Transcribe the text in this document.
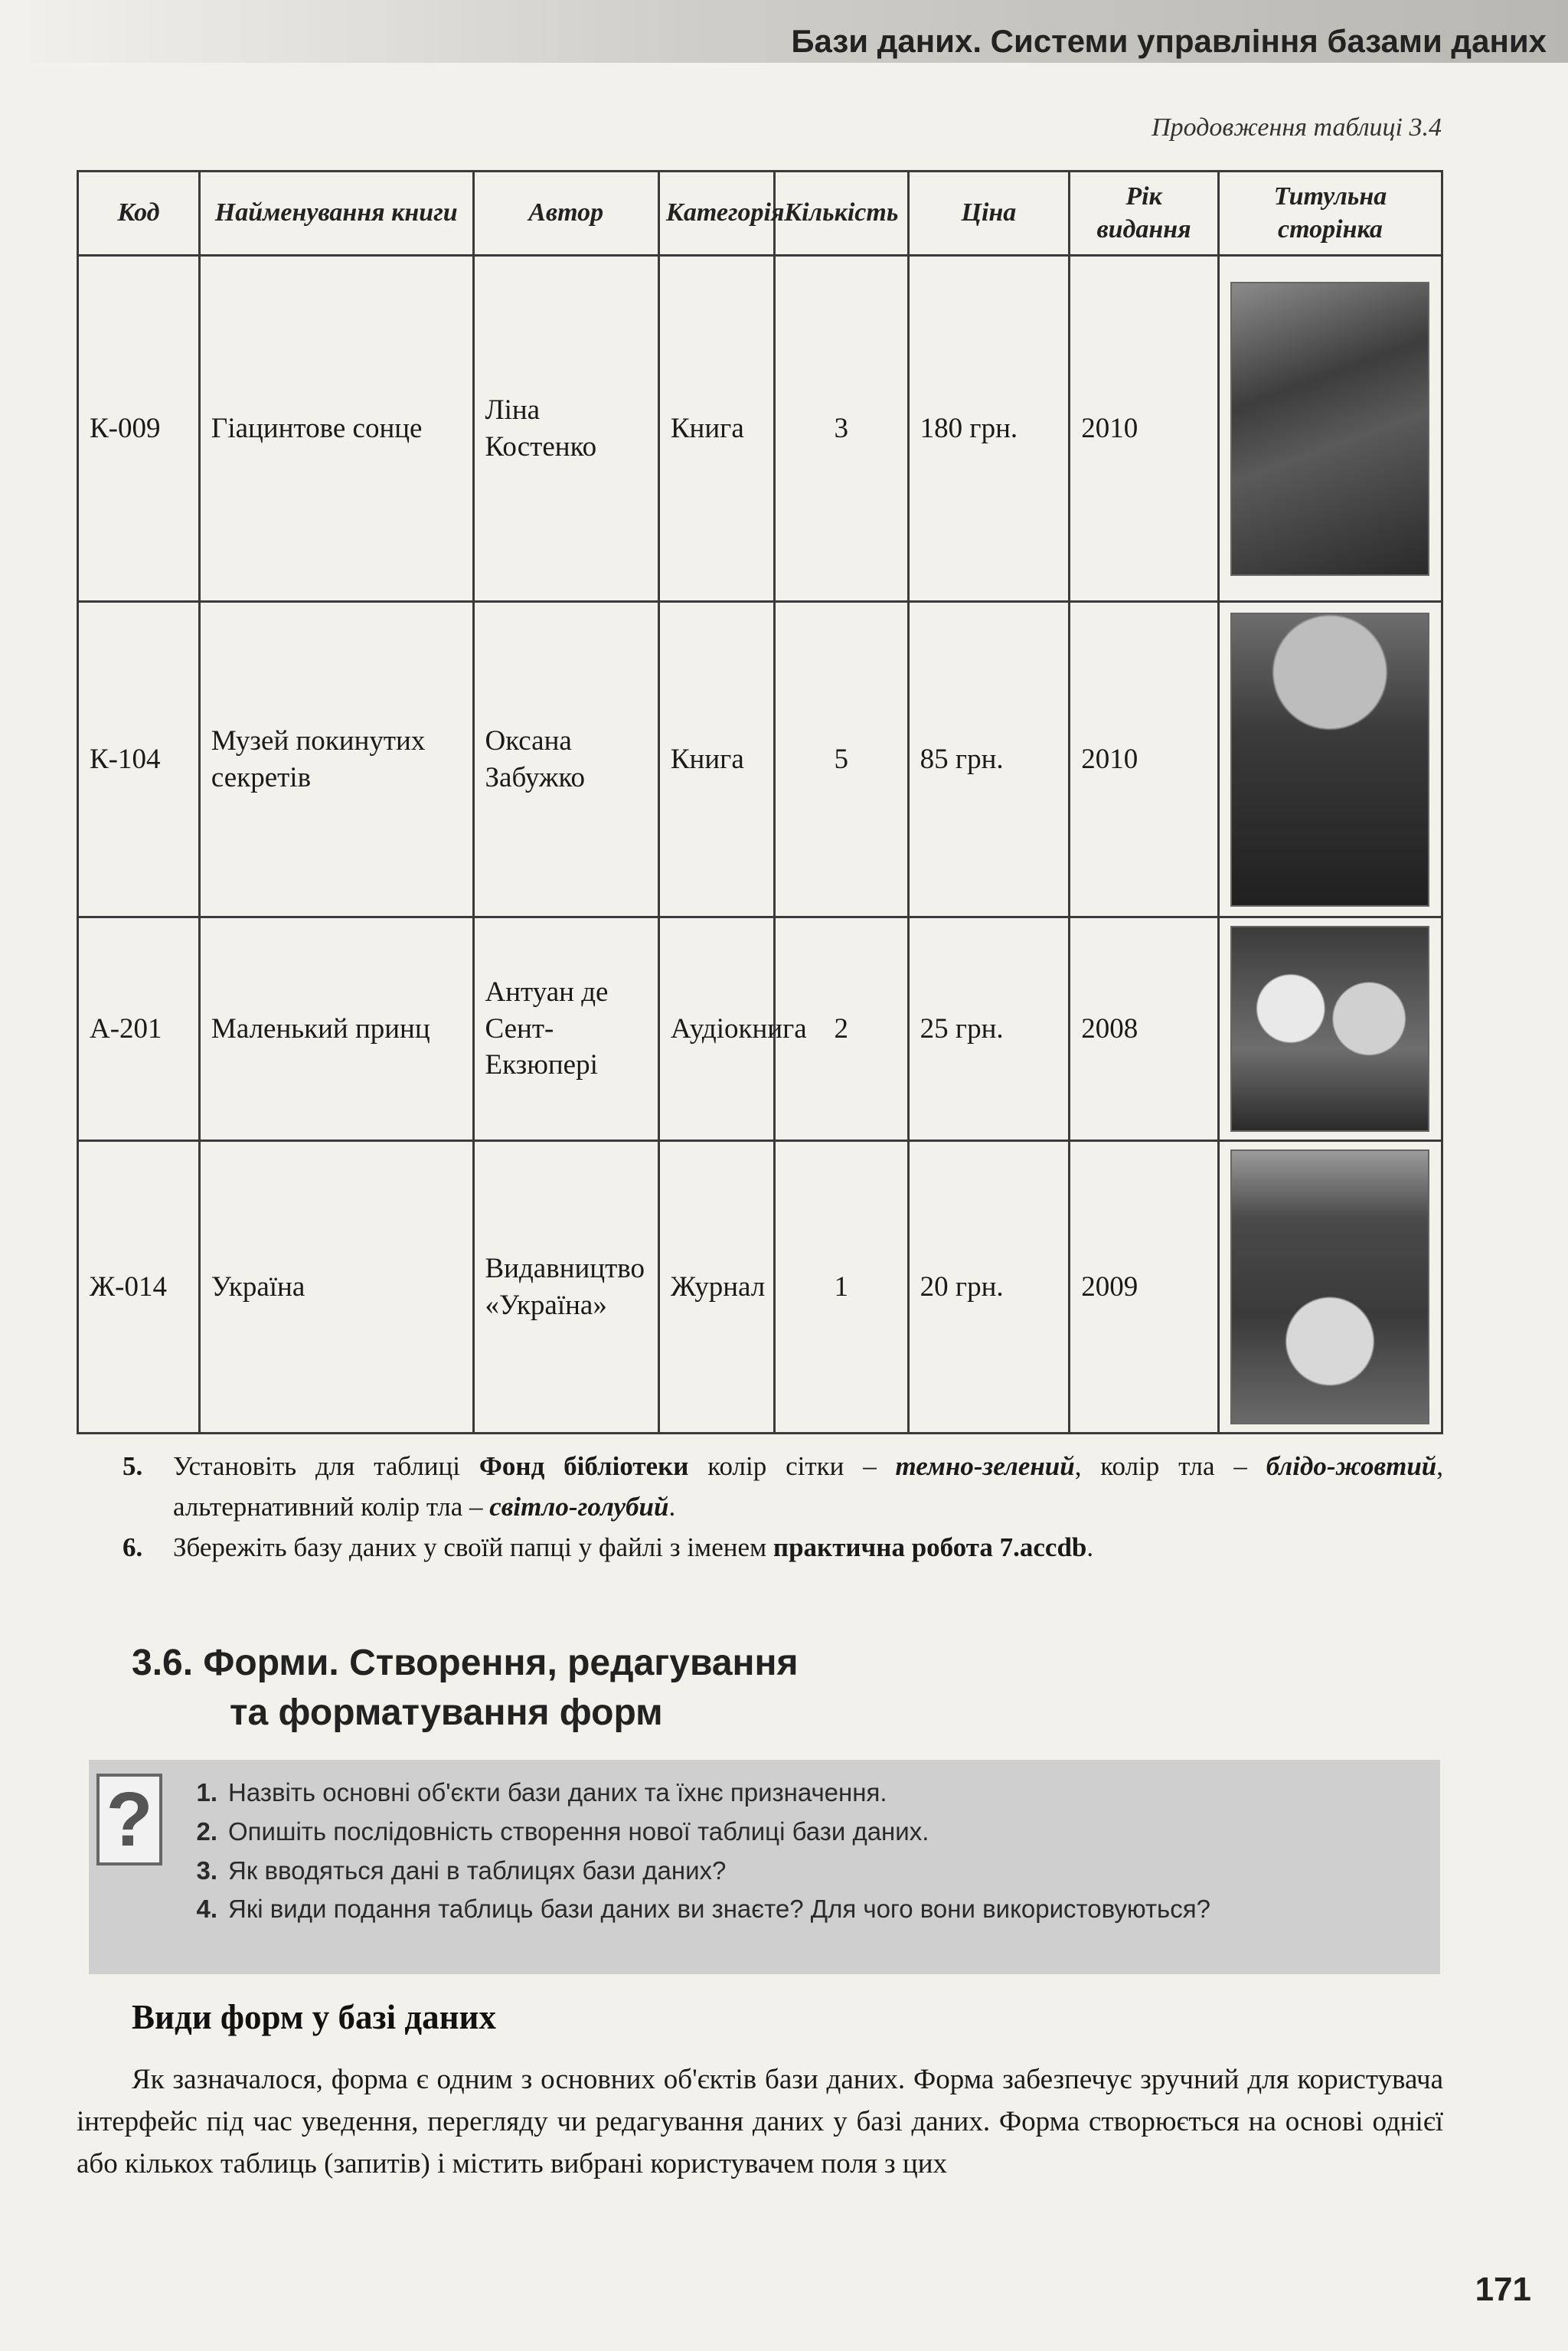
Бази даних. Системи управління базами даних
Продовження таблиці 3.4
Код	Найменування книги	Автор	Категорія	Кількість	Ціна	Рік видання	Титульна сторінка
К-009	Гіацинтове сонце	Ліна Костенко	Книга	3	180 грн.	2010	

К-104	Музей покинутих секретів	Оксана Забужко	Книга	5	85 грн.	2010	

А-201	Маленький принц	Антуан де Сент-Екзюпері	Аудіокнига	2	25 грн.	2008	

Ж-014	Україна	Видавництво «Україна»	Журнал	1	20 грн.	2009	
5.	Установіть для таблиці Фонд бібліотеки колір сітки – темно-зелений, колір тла – блідо-жовтий, альтернативний колір тла – світло-голубий.
6.	Збережіть базу даних у своїй папці у файлі з іменем практична робота 7.accdb.
3.6. Форми. Створення, редагування
та форматування форм
?	1. Назвіть основні об'єкти бази даних та їхнє призначення.
2. Опишіть послідовність створення нової таблиці бази даних.
3. Як вводяться дані в таблицях бази даних?
4. Які види подання таблиць бази даних ви знаєте? Для чого вони використовуються?
Види форм у базі даних
Як зазначалося, форма є одним з основних об'єктів бази даних. Форма забезпечує зручний для користувача інтерфейс під час уведення, перегляду чи редагування даних у базі даних. Форма створюється на основі однієї або кількох таблиць (запитів) і містить вибрані користувачем поля з цих
171
